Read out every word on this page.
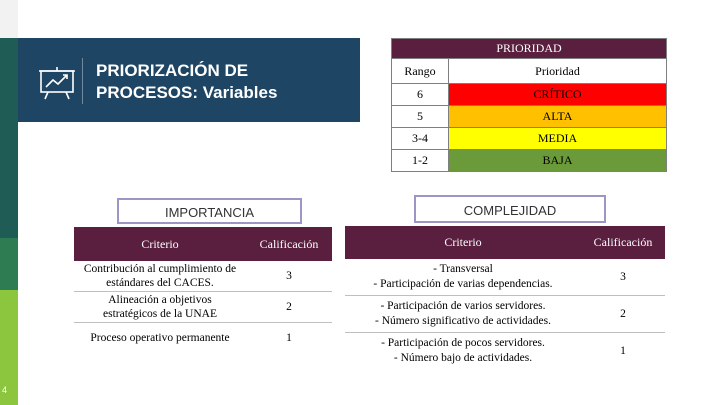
4
PRIORIZACIÓN DE
PROCESOS: Variables
PRIORIDAD	
Rango	Prioridad
6	CRÍTICO
5	ALTA
3-4	MEDIA
1-2	BAJA
IMPORTANCIA	COMPLEJIDAD
Criterio	Calificación

Contribución al cumplimiento de
estándares del CACES.	3

Alineación a objetivos
estratégicos de la UNAE	2

Proceso operativo permanente	1
Criterio	Calificación

- Transversal
- Participación de varias dependencias.	3

- Participación de varios servidores.
- Número significativo de actividades.	2

- Participación de pocos servidores.
- Número bajo de actividades.	1
